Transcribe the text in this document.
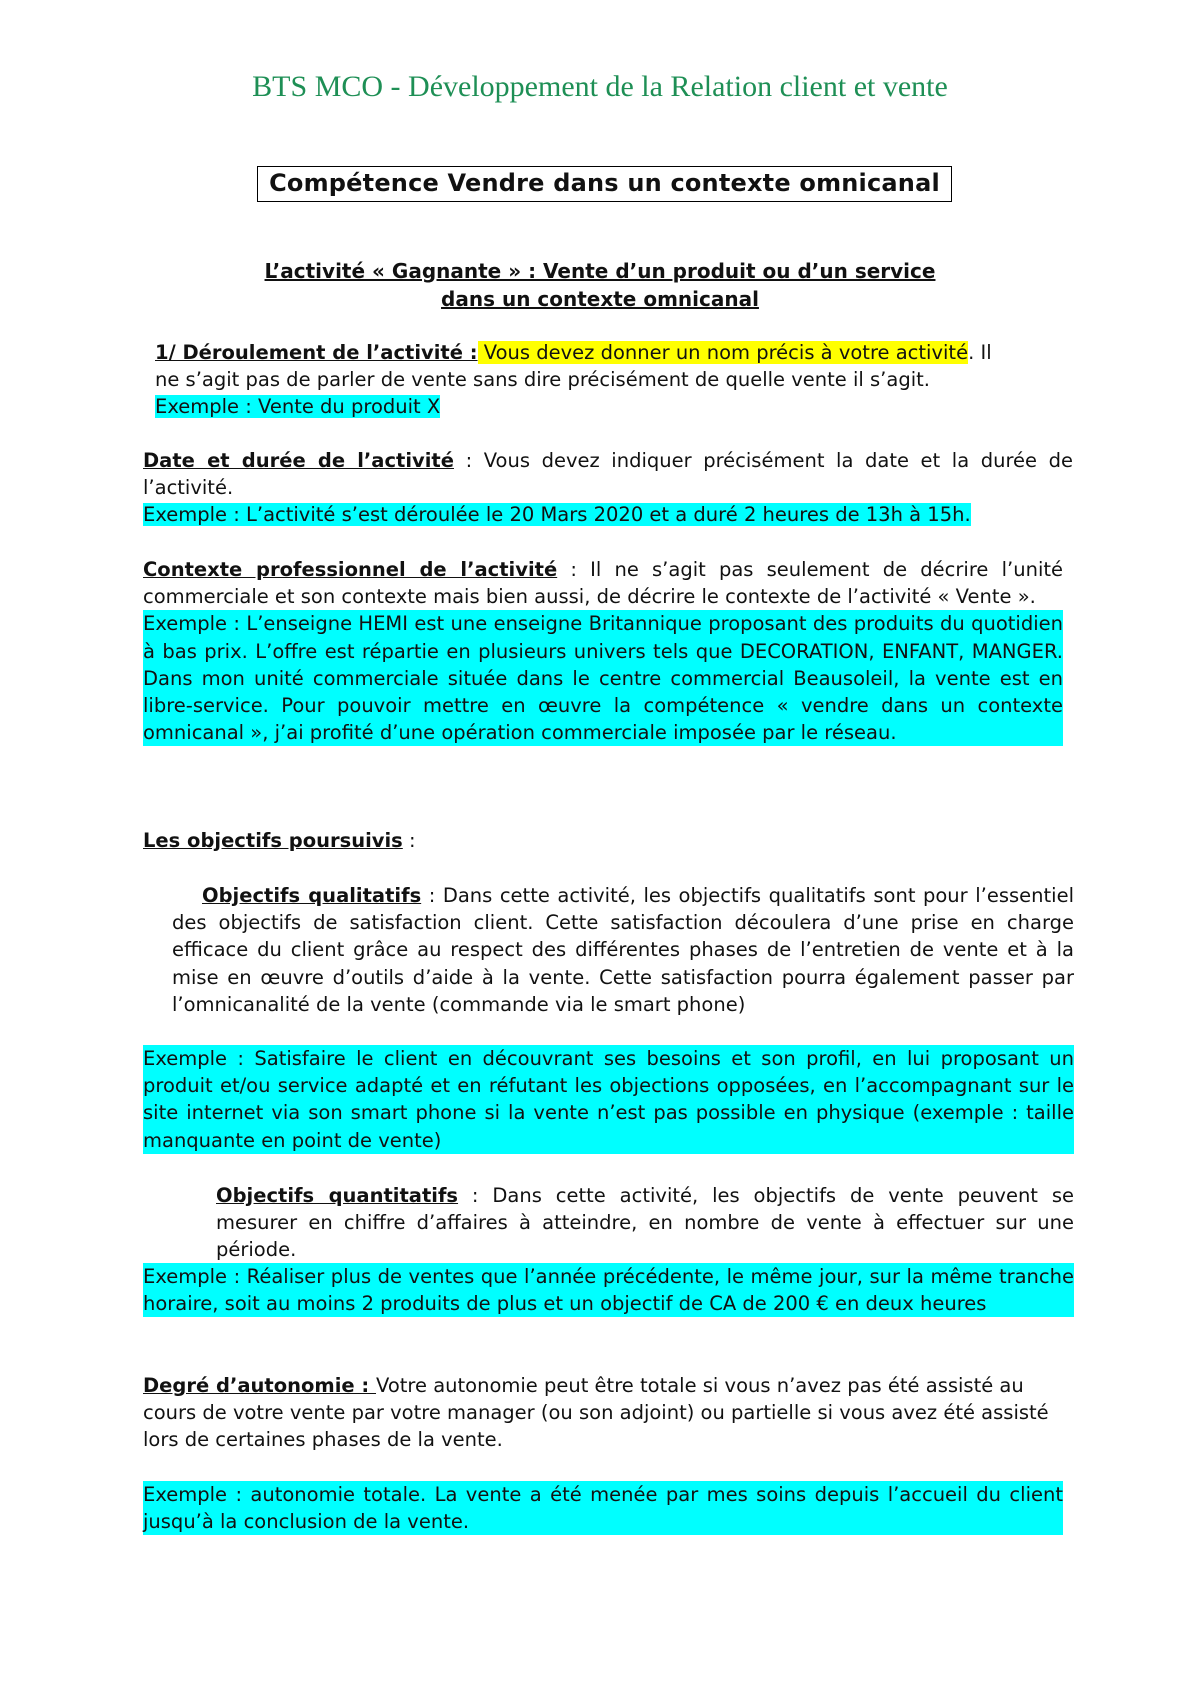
BTS MCO - Développement de la Relation client et vente
Compétence Vendre dans un contexte omnicanal
L’activité « Gagnante » : Vente d’un produit ou d’un service
dans un contexte omnicanal
1/ Déroulement de l’activité : Vous devez donner un nom précis à votre activité. Il
ne s’agit pas de parler de vente sans dire précisément de quelle vente il s’agit.
Exemple : Vente du produit X
Date et durée de l’activité : Vous devez indiquer précisément la date et la durée de l’activité.
Exemple : L’activité s’est déroulée le 20 Mars 2020 et a duré 2 heures de 13h à 15h.
Contexte professionnel de l’activité : Il ne s’agit pas seulement de décrire l’unité commerciale et son contexte mais bien aussi, de décrire le contexte de l’activité « Vente ».
Exemple : L’enseigne HEMI est une enseigne Britannique proposant des produits du quotidien à bas prix. L’offre est répartie en plusieurs univers tels que DECORATION, ENFANT, MANGER. Dans mon unité commerciale située dans le centre commercial Beausoleil, la vente est en libre-service. Pour pouvoir mettre en œuvre la compétence « vendre dans un contexte omnicanal », j’ai profité d’une opération commerciale imposée par le réseau.
Les objectifs poursuivis :
Objectifs qualitatifs : Dans cette activité, les objectifs qualitatifs sont pour l’essentiel des objectifs de satisfaction client. Cette satisfaction découlera d’une prise en charge efficace du client grâce au respect des différentes phases de l’entretien de vente et à la mise en œuvre d’outils d’aide à la vente. Cette satisfaction pourra également passer par l’omnicanalité de la vente (commande via le smart phone)
Exemple : Satisfaire le client en découvrant ses besoins et son profil, en lui proposant un produit et/ou service adapté et en réfutant les objections opposées, en l’accompagnant sur le site internet via son smart phone si la vente n’est pas possible en physique (exemple : taille manquante en point de vente)
Objectifs quantitatifs : Dans cette activité, les objectifs de vente peuvent se mesurer en chiffre d’affaires à atteindre, en nombre de vente à effectuer sur une période.
Exemple : Réaliser plus de ventes que l’année précédente, le même jour, sur la même tranche horaire, soit au moins 2 produits de plus et un objectif de CA de 200 € en deux heures
Degré d’autonomie : Votre autonomie peut être totale si vous n’avez pas été assisté au cours de votre vente par votre manager (ou son adjoint) ou partielle si vous avez été assisté lors de certaines phases de la vente.
Exemple : autonomie totale. La vente a été menée par mes soins depuis l’accueil du client jusqu’à la conclusion de la vente.
